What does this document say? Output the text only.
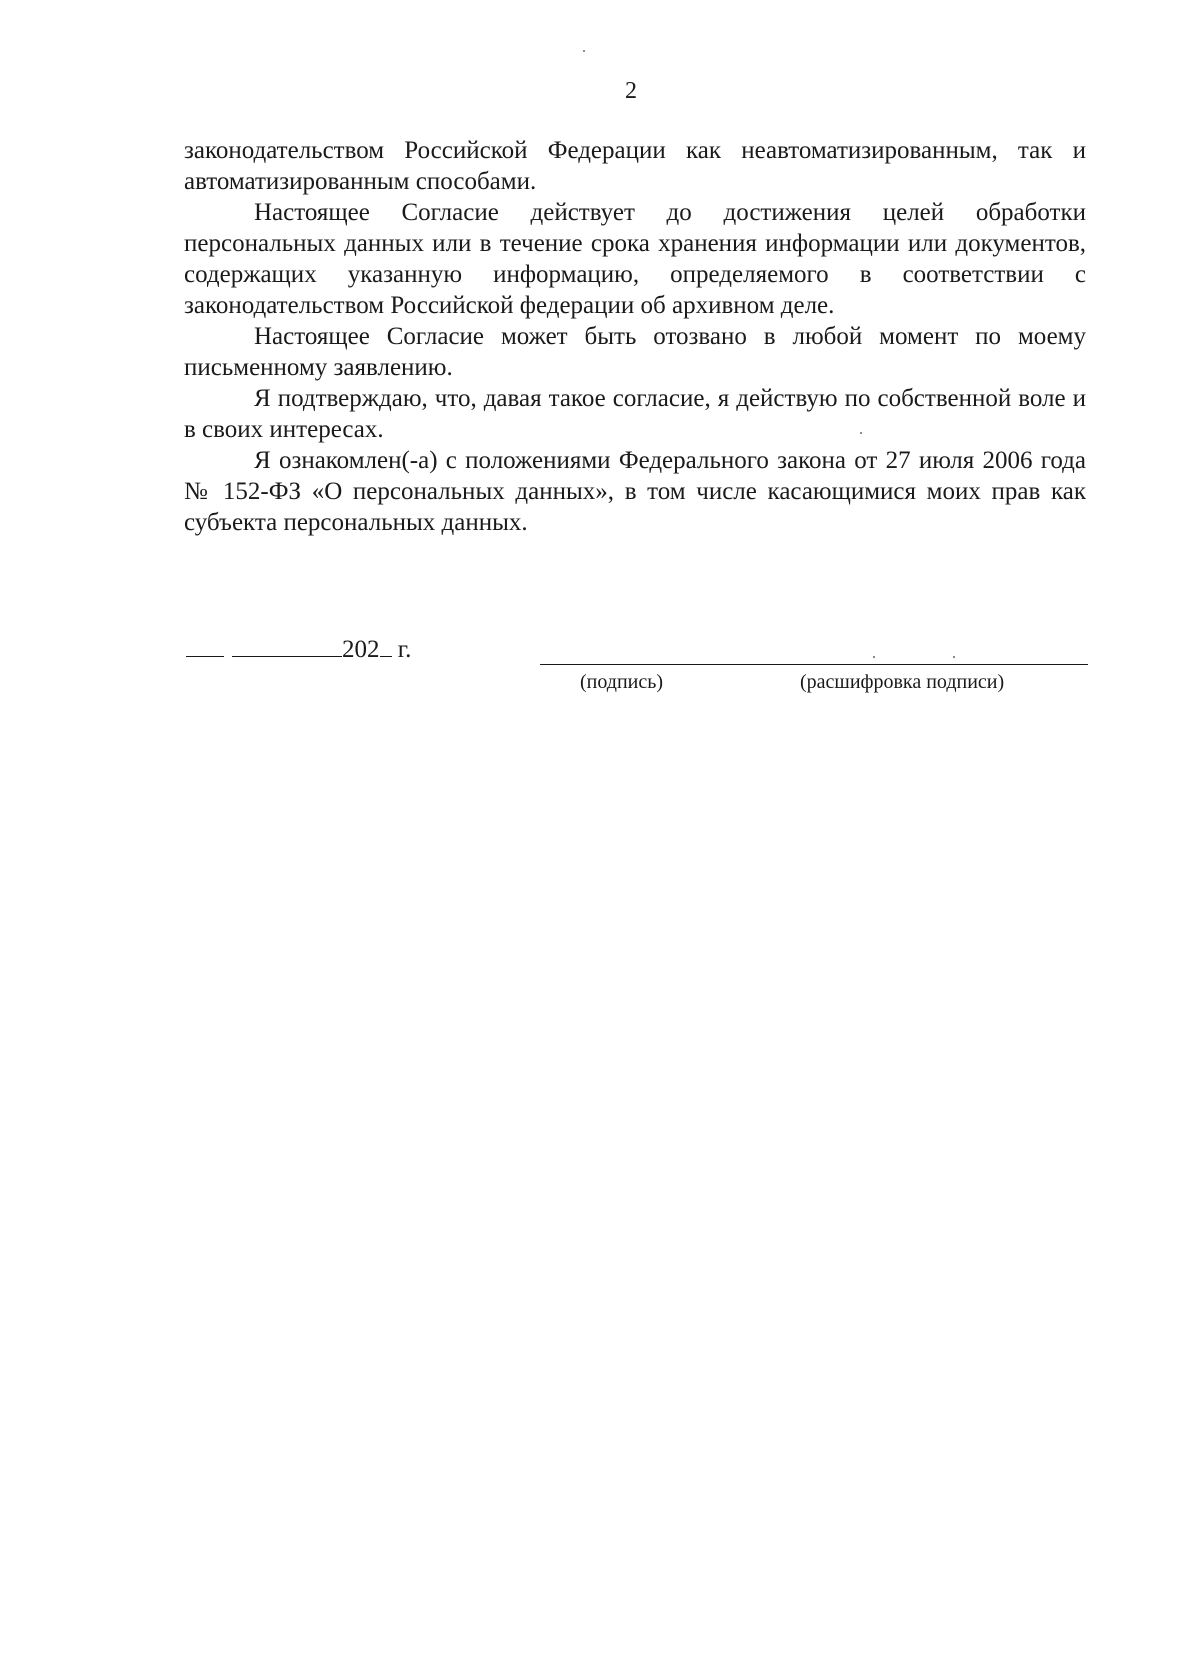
2

законодательством Российской Федерации как неавтоматизированным, так и автоматизированным способами.

Настоящее Согласие действует до достижения целей обработки персональных данных или в течение срока хранения информации или документов, содержащих указанную информацию, определяемого в соответствии с законодательством Российской федерации об архивном деле.

Настоящее Согласие может быть отозвано в любой момент по моему письменному заявлению.

Я подтверждаю, что, давая такое согласие, я действую по собственной воле и в своих интересах.

Я ознакомлен(-а) с положениями Федерального закона от 27 июля 2006 года № 152-ФЗ «О персональных данных», в том числе касающимися моих прав как субъекта персональных данных.

202 г.
(подпись)	(расшифровка подписи)
